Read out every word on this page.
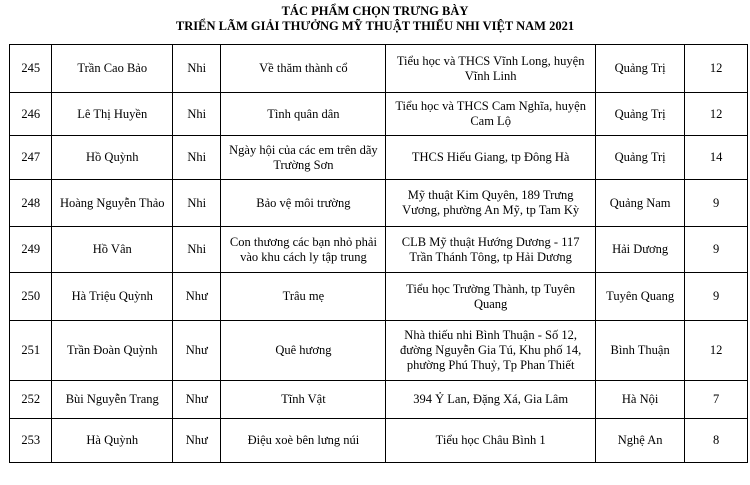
TÁC PHẨM CHỌN TRƯNG BÀY
TRIỂN LÃM GIẢI THƯỞNG MỸ THUẬT THIẾU NHI VIỆT NAM 2021
245	Trần Cao Bảo	Nhi	Về thăm thành cổ	Tiểu học và THCS Vĩnh Long, huyện Vĩnh Linh	Quảng Trị	12
246	Lê Thị Huyền	Nhi	Tình quân dân	Tiểu học và THCS Cam Nghĩa, huyện Cam Lộ	Quảng Trị	12
247	Hồ Quỳnh	Nhi	Ngày hội của các em trên dãy Trường Sơn	THCS Hiếu Giang, tp Đông Hà	Quảng Trị	14
248	Hoàng Nguyễn Thảo	Nhi	Bảo vệ môi trường	Mỹ thuật Kim Quyên, 189 Trưng Vương, phường An Mỹ, tp Tam Kỳ	Quảng Nam	9
249	Hồ Vân	Nhi	Con thương các bạn nhỏ phải vào khu cách ly tập trung	CLB Mỹ thuật Hướng Dương - 117 Trần Thánh Tông, tp Hải Dương	Hải Dương	9
250	Hà Triệu Quỳnh	Như	Trâu mẹ	Tiểu học Trường Thành, tp Tuyên Quang	Tuyên Quang	9
251	Trần Đoàn Quỳnh	Như	Quê hương	Nhà thiếu nhi Bình Thuận - Số 12, đường Nguyễn Gia Tú, Khu phố 14, phường Phú Thuỷ, Tp Phan Thiết	Bình Thuận	12
252	Bùi Nguyễn Trang	Như	Tĩnh Vật	394 Ỷ Lan, Đặng Xá, Gia Lâm	Hà Nội	7
253	Hà Quỳnh	Như	Điệu xoè bên lưng núi	Tiểu học Châu Bình 1	Nghệ An	8
